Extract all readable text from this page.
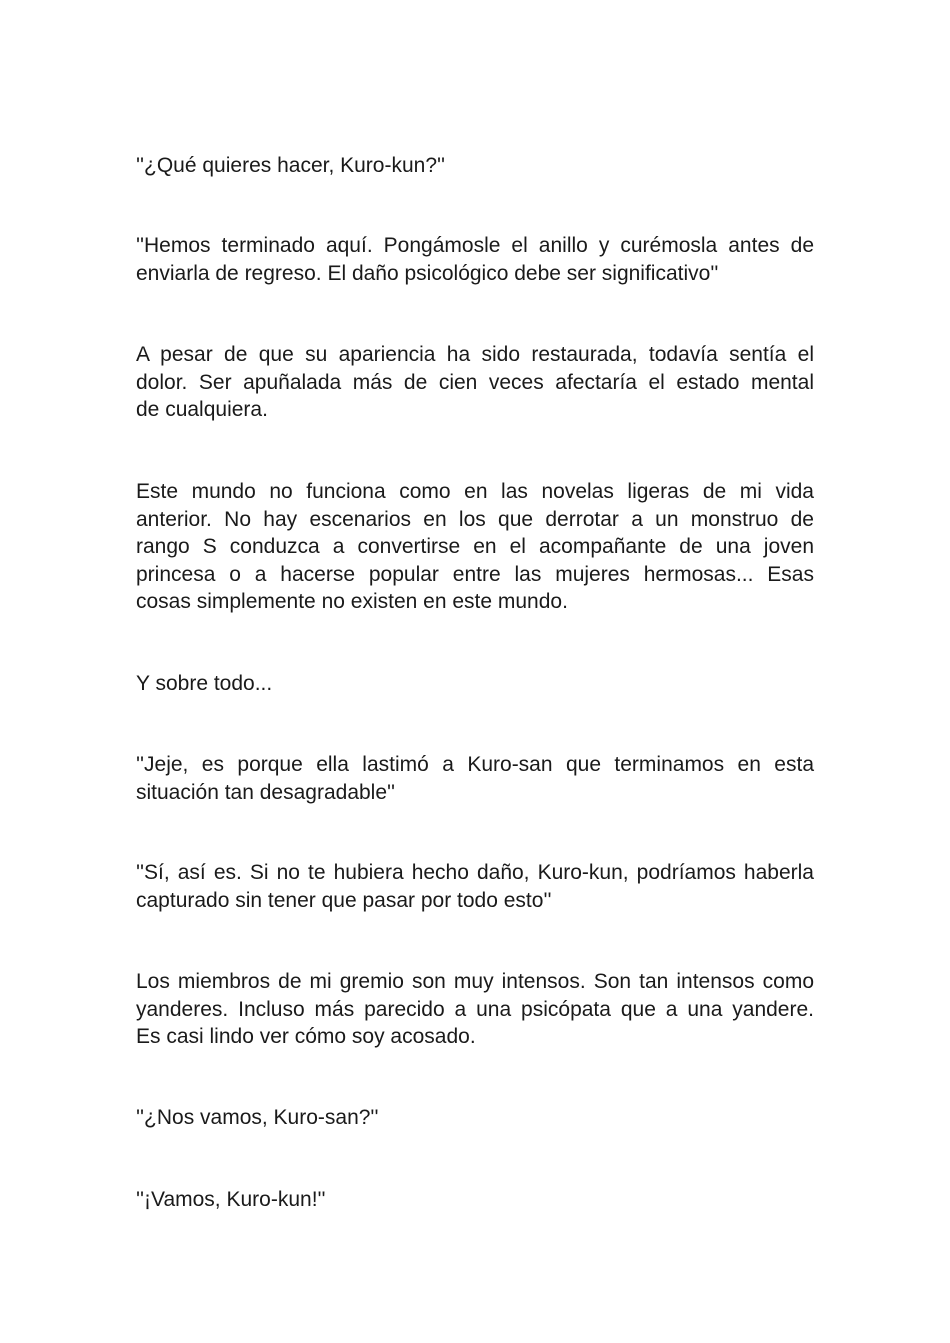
''¿Qué quieres hacer, Kuro-kun?''

''Hemos terminado aquí. Pongámosle el anillo y curémosla antes de
enviarla de regreso. El daño psicológico debe ser significativo''

A pesar de que su apariencia ha sido restaurada, todavía sentía el
dolor. Ser apuñalada más de cien veces afectaría el estado mental
de cualquiera.

Este mundo no funciona como en las novelas ligeras de mi vida
anterior. No hay escenarios en los que derrotar a un monstruo de
rango S conduzca a convertirse en el acompañante de una joven
princesa o a hacerse popular entre las mujeres hermosas... Esas
cosas simplemente no existen en este mundo.

Y sobre todo...

''Jeje, es porque ella lastimó a Kuro-san que terminamos en esta
situación tan desagradable''

''Sí, así es. Si no te hubiera hecho daño, Kuro-kun, podríamos haberla
capturado sin tener que pasar por todo esto''

Los miembros de mi gremio son muy intensos. Son tan intensos como
yanderes. Incluso más parecido a una psicópata que a una yandere.
Es casi lindo ver cómo soy acosado.

''¿Nos vamos, Kuro-san?''

''¡Vamos, Kuro-kun!''
